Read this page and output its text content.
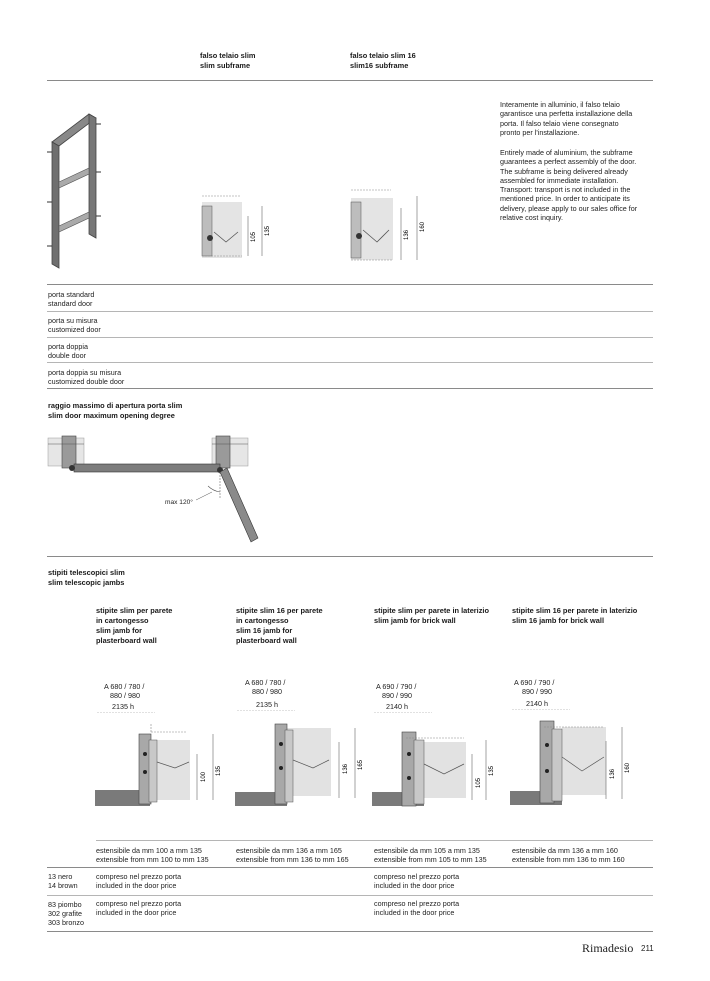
falso telaio slim
slim subframe
falso telaio slim 16
slim16 subframe
Interamente in alluminio, il falso telaio
garantisce una perfetta installazione della
porta. Il falso telaio viene consegnato
pronto per l'installazione.
Entirely made of aluminium, the subframe
guarantees a perfect assembly of the door.
The subframe is being delivered already
assembled for immediate installation.
Transport: transport is not included in the
mentioned price. In order to anticipate its
delivery, please apply to our sales office for
relative cost inquiry.
105
135	136
160
porta standard
standard door
porta su misura
customized door
porta doppia
double door
porta doppia su misura
customized double door
raggio massimo di apertura porta slim
slim door maximum opening degree
max 120°
stipiti telescopici slim
slim telescopic jambs
stipite slim per parete
in cartongesso
slim jamb for
plasterboard wall
stipite slim 16 per parete
in cartongesso
slim 16 jamb for
plasterboard wall
stipite slim per parete in laterizio
slim jamb for brick wall
stipite slim 16 per parete in laterizio
slim 16 jamb for brick wall
A 680 / 780 /
880 / 980
2135 h
100
135
A 680 / 780 /
880 / 980
2135 h
136 165
A 690 / 790 /
890 / 990
2140 h
105
135
A 690 / 790 /
890 / 990
2140 h
136
160
estensibile da mm 100 a mm 135
extensible from mm 100 to mm 135
estensibile da mm 136 a mm 165
extensible from mm 136 to mm 165
estensibile da mm 105 a mm 135
extensible from mm 105 to mm 135
estensibile da mm 136 a mm 160
extensible from mm 136 to mm 160
13 nero
14 brown
compreso nel prezzo porta
included in the door price
compreso nel prezzo porta
included in the door price
83 piombo
302 grafite
303 bronzo
compreso nel prezzo porta
included in the door price
compreso nel prezzo porta
included in the door price
Rimadesio 211
